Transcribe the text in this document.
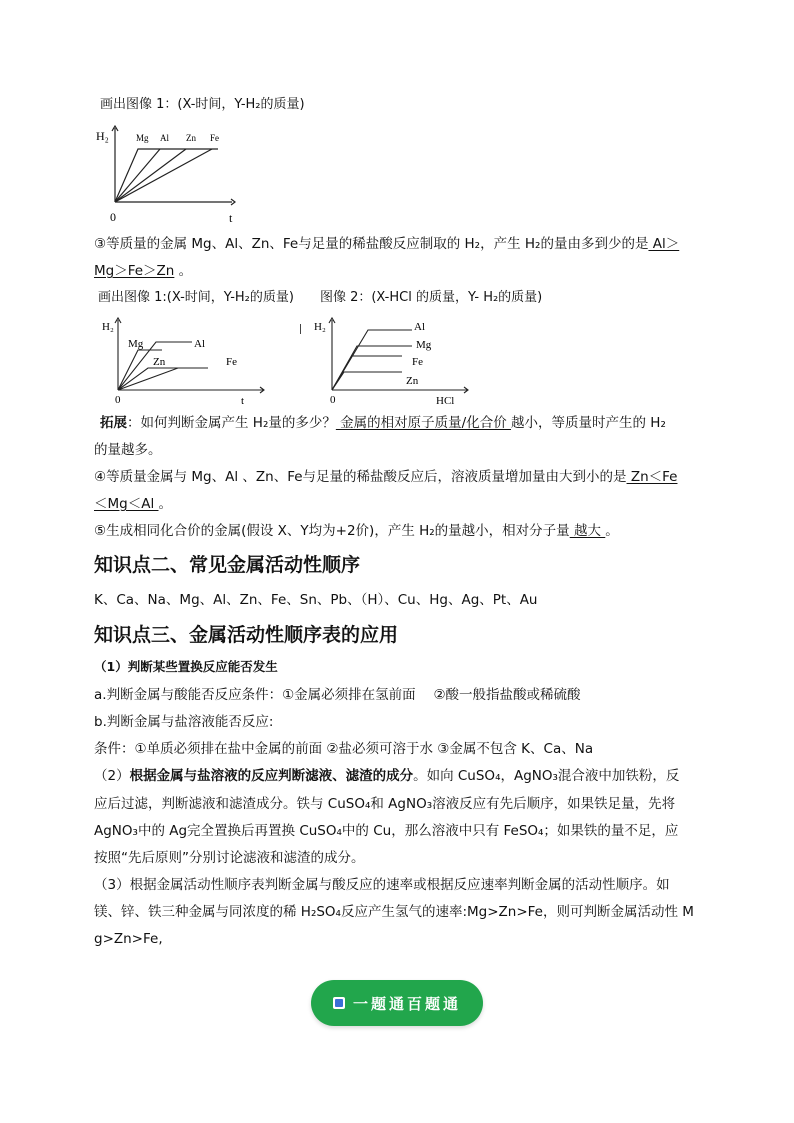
画出图像 1：(X-时间，Y-H₂的质量)
H₂
0	t
Mg Al Zn Fe
③等质量的金属 Mg、Al、Zn、Fe与足量的稀盐酸反应制取的 H₂，产生 H₂的量由多到少的是 Al＞
Mg＞Fe＞Zn 。
画出图像 1:(X-时间，Y-H₂的质量)　　图像 2：(X-HCl 的质量，Y- H₂的质量)
H₂
0	t
Mg	Al
Zn	Fe
H₂
0	HCl
Al
Mg
Fe
Zn
拓展：如何判断金属产生 H₂量的多少？ 金属的相对原子质量/化合价 越小，等质量时产生的 H₂
的量越多。
④等质量金属与 Mg、Al 、Zn、Fe与足量的稀盐酸反应后，溶液质量增加量由大到小的是 Zn＜Fe
＜Mg＜Al 。
⑤生成相同化合价的金属(假设 X、Y均为+2价)，产生 H₂的量越小，相对分子量 越大 。
知识点二、常见金属活动性顺序
K、Ca、Na、Mg、Al、Zn、Fe、Sn、Pb、（H）、Cu、Hg、Ag、Pt、Au
知识点三、金属活动性顺序表的应用
（1）判断某些置换反应能否发生
a.判断金属与酸能否反应条件：①金属必须排在氢前面　 ②酸一般指盐酸或稀硫酸
b.判断金属与盐溶液能否反应:
条件：①单质必须排在盐中金属的前面 ②盐必须可溶于水 ③金属不包含 K、Ca、Na
（2）根据金属与盐溶液的反应判断滤液、滤渣的成分。如向 CuSO₄，AgNO₃混合液中加铁粉，反
应后过滤，判断滤液和滤渣成分。铁与 CuSO₄和 AgNO₃溶液反应有先后顺序，如果铁足量，先将
AgNO₃中的 Ag完全置换后再置换 CuSO₄中的 Cu，那么溶液中只有 FeSO₄；如果铁的量不足，应
按照“先后原则”分别讨论滤液和滤渣的成分。
（3）根据金属活动性顺序表判断金属与酸反应的速率或根据反应速率判断金属的活动性顺序。如
镁、锌、铁三种金属与同浓度的稀 H₂SO₄反应产生氢气的速率:Mg>Zn>Fe，则可判断金属活动性 M
g>Zn>Fe,
一题通百题通
